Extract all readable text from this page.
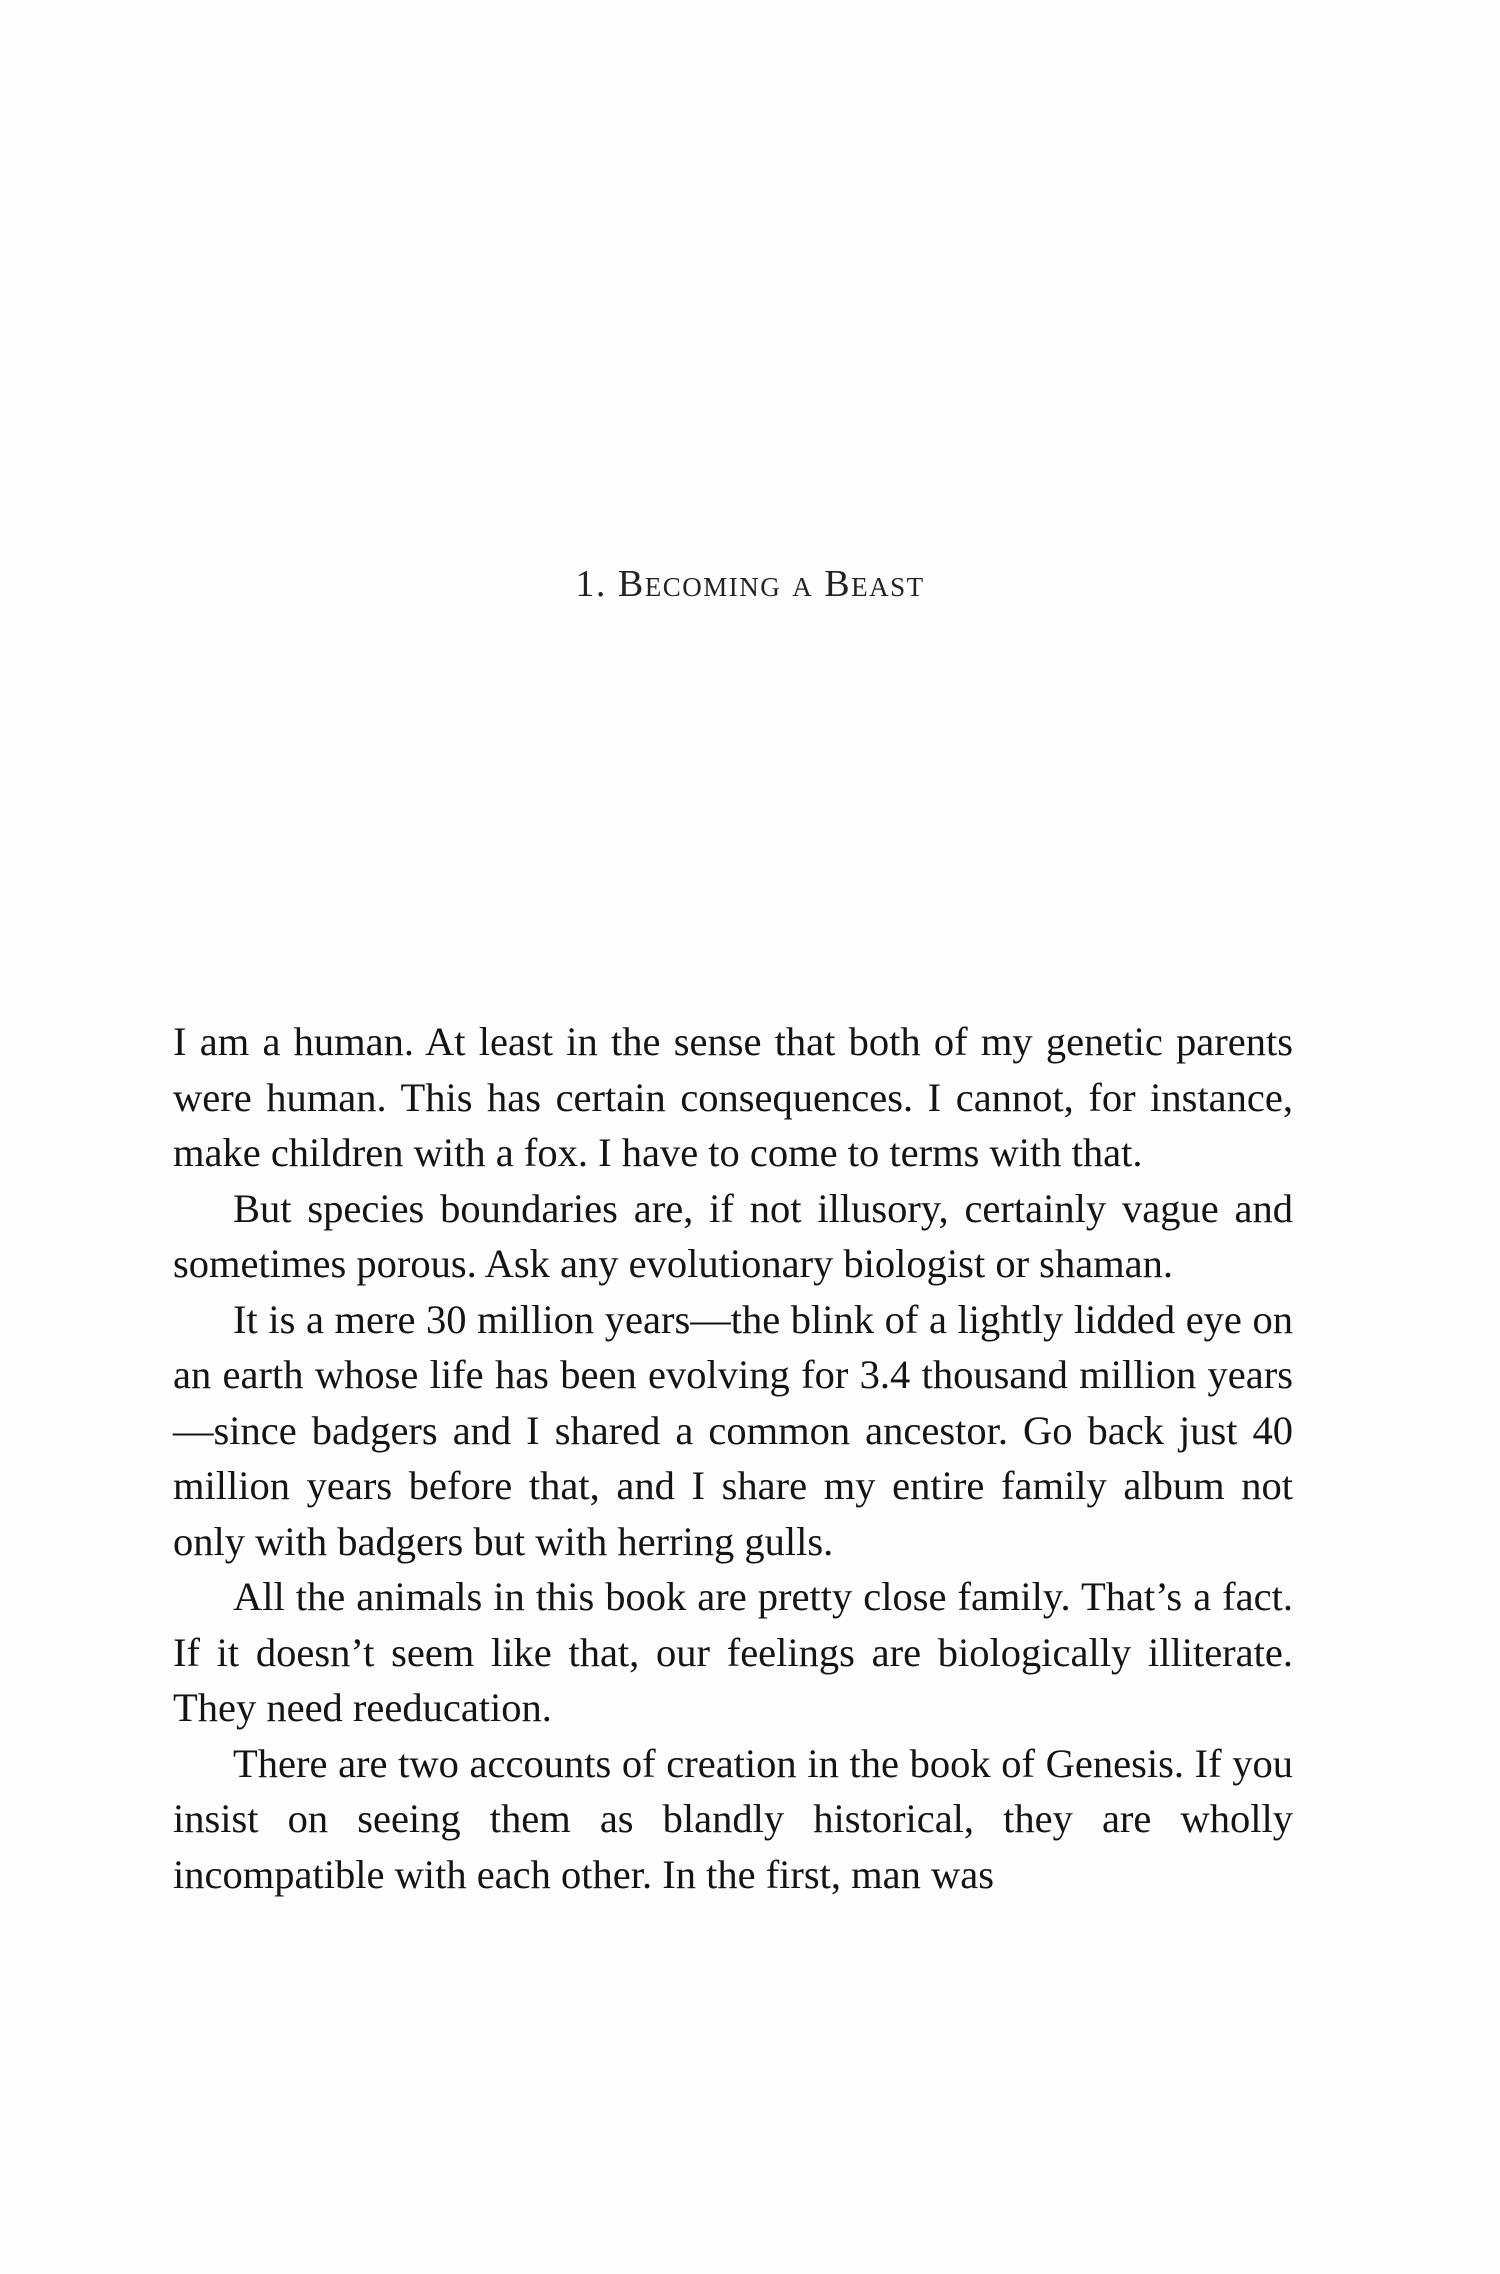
1. Becoming a Beast

I am a human. At least in the sense that both of my genetic parents were human. This has certain consequences. I cannot, for instance, make children with a fox. I have to come to terms with that.

But species boundaries are, if not illusory, certainly vague and sometimes porous. Ask any evolutionary biologist or shaman.

It is a mere 30 million years—the blink of a lightly lidded eye on an earth whose life has been evolving for 3.4 thousand million years—since badgers and I shared a common ancestor. Go back just 40 million years before that, and I share my entire family album not only with badgers but with herring gulls.

All the animals in this book are pretty close family. That’s a fact. If it doesn’t seem like that, our feelings are biologically illiterate. They need reeducation.

There are two accounts of creation in the book of Genesis. If you insist on seeing them as blandly historical, they are wholly incompatible with each other. In the first, man was
